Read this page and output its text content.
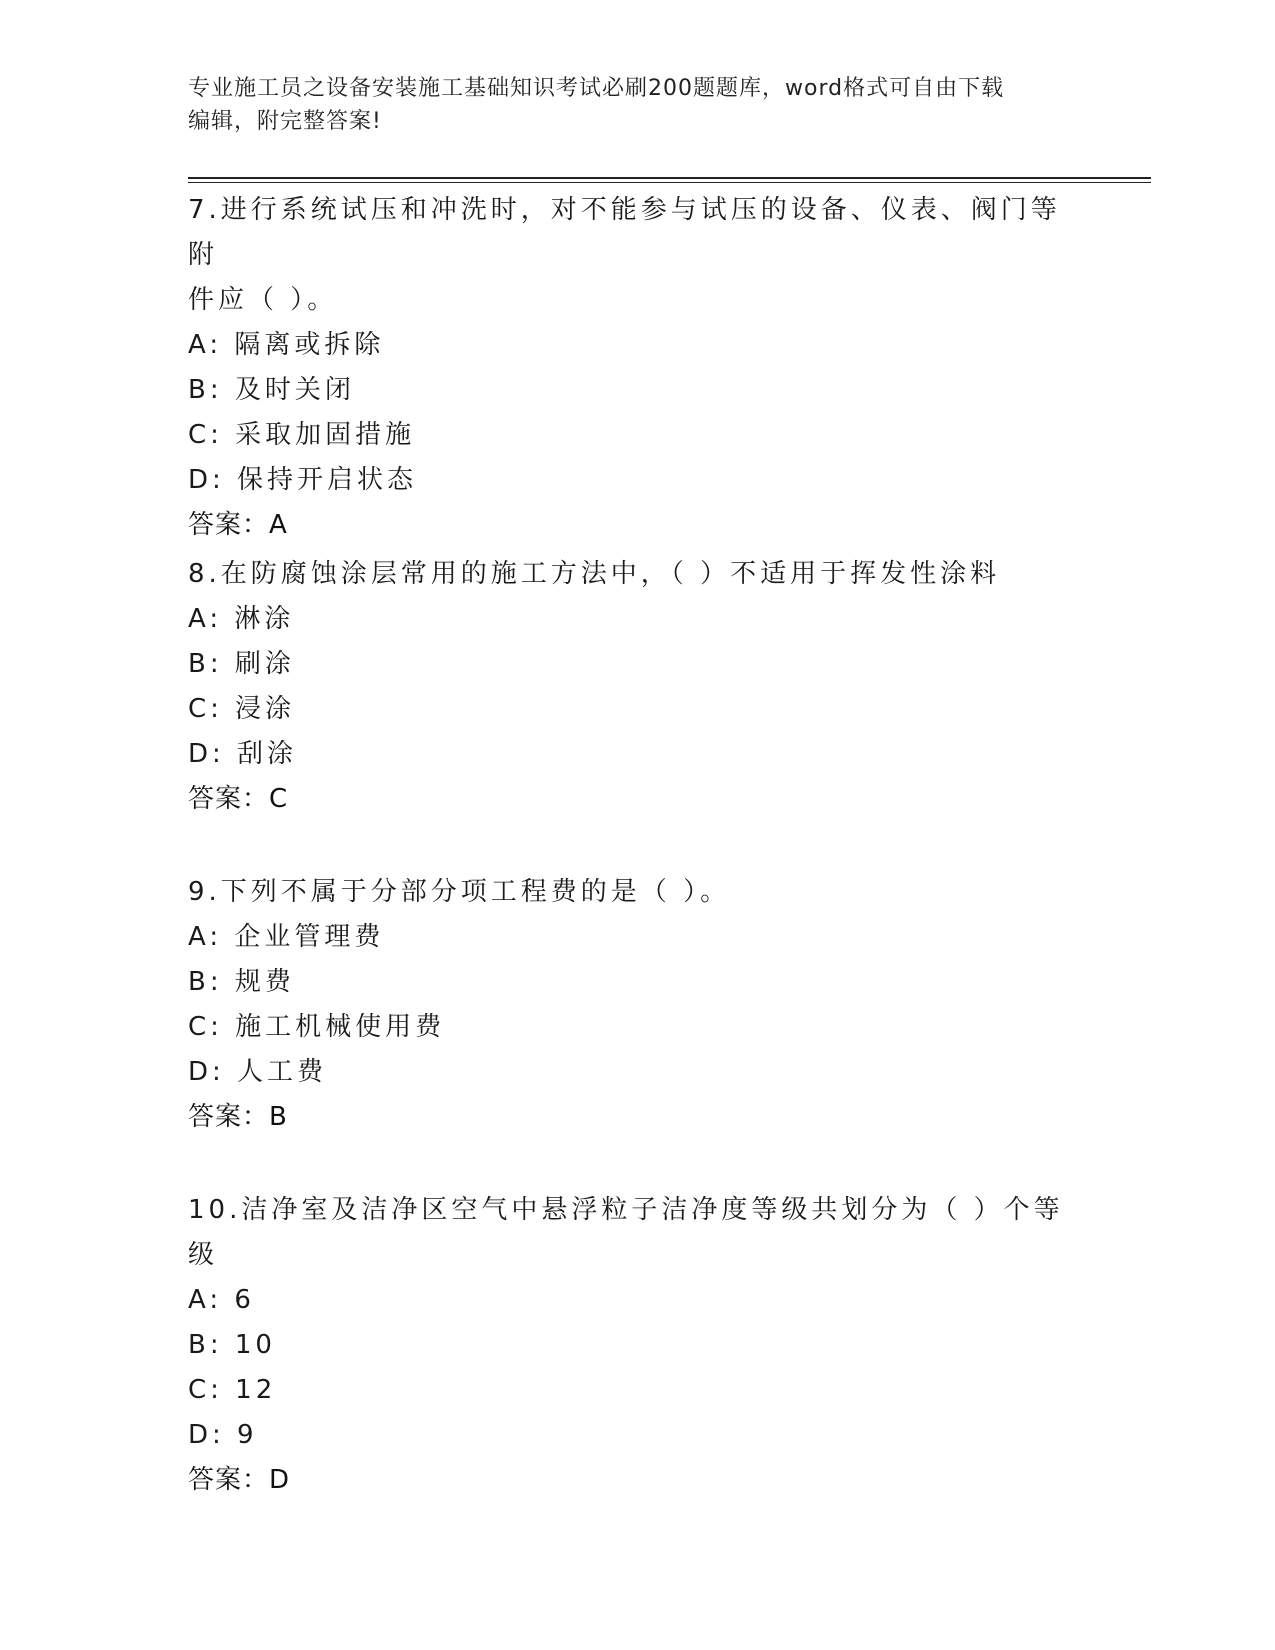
专业施工员之设备安装施工基础知识考试必刷200题题库，word格式可自由下载
编辑，附完整答案!

7.进行系统试压和冲洗时，对不能参与试压的设备、仪表、阀门等附

件应（ ）。

A: 隔离或拆除

B: 及时关闭

C: 采取加固措施

D: 保持开启状态

答案：A

8.在防腐蚀涂层常用的施工方法中，（ ）不适用于挥发性涂料

A: 淋涂

B: 刷涂

C: 浸涂

D: 刮涂

答案：C

9.下列不属于分部分项工程费的是（ ）。

A: 企业管理费

B: 规费

C: 施工机械使用费

D: 人工费

答案：B

10.洁净室及洁净区空气中悬浮粒子洁净度等级共划分为（ ）个等级

A: 6

B: 10

C: 12

D: 9

答案：D
